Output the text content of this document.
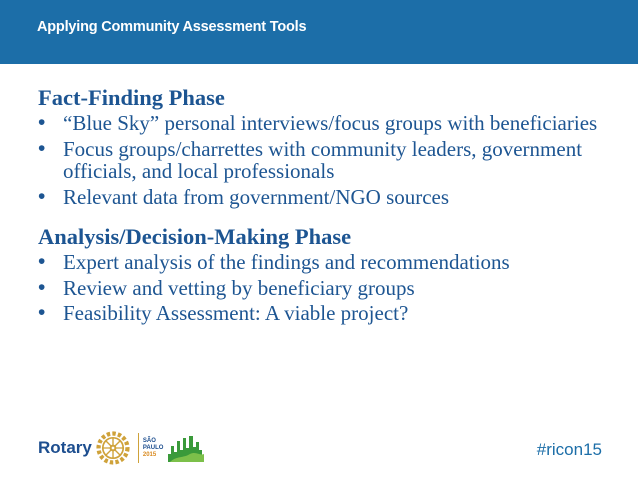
Applying Community Assessment Tools
Fact-Finding Phase
• “Blue Sky” personal interviews/focus groups with beneficiaries
• Focus groups/charrettes with community leaders, government officials, and local professionals
• Relevant data from government/NGO sources
Analysis/Decision-Making Phase
• Expert analysis of the findings and recommendations
• Review and vetting by beneficiary groups
• Feasibility Assessment: A viable project?
Rotary	SÃO
PAULO
2015	#ricon15
